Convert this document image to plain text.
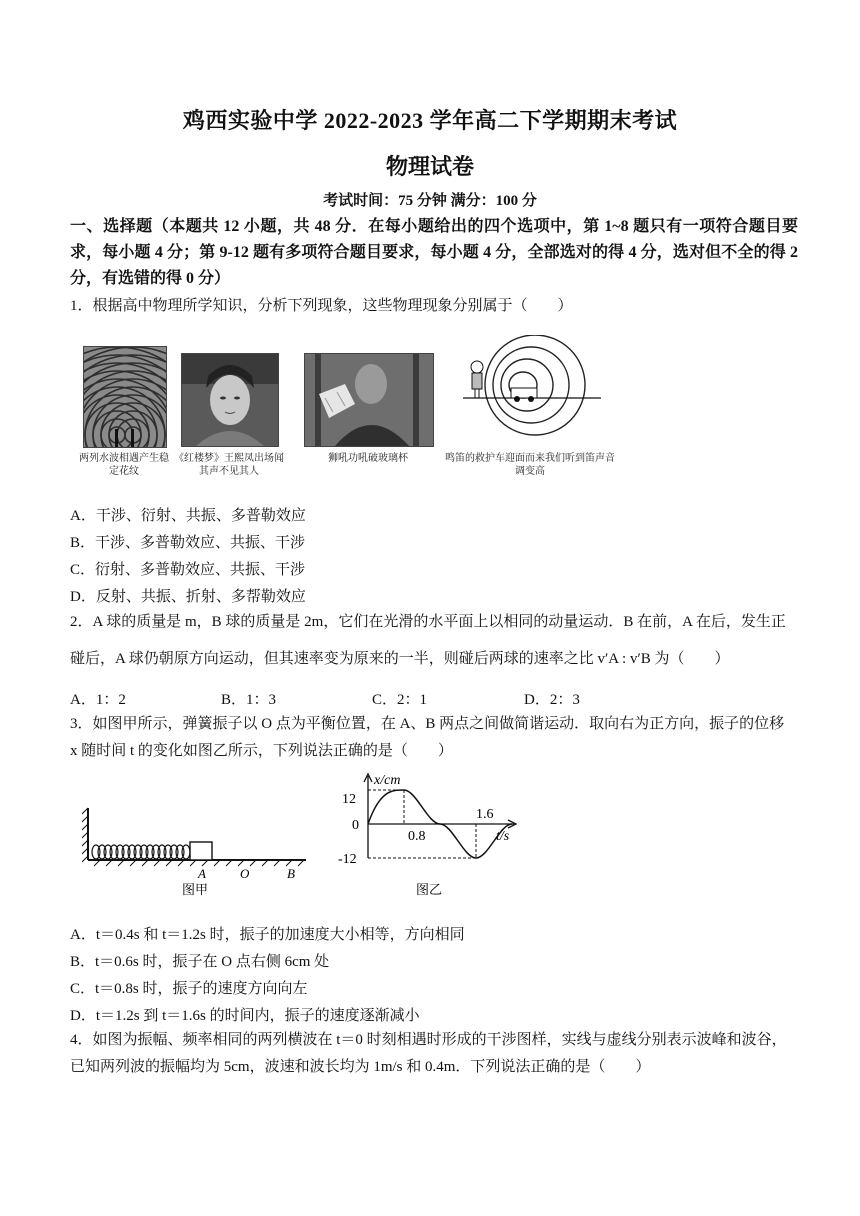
鸡西实验中学 2022-2023 学年高二下学期期末考试
物理试卷
考试时间：75 分钟 满分：100 分
一、选择题（本题共 12 小题，共 48 分．在每小题给出的四个选项中，第 1~8 题只有一项符合题目要求，每小题 4 分；第 9-12 题有多项符合题目要求，每小题 4 分，全部选对的得 4 分，选对但不全的得 2 分，有选错的得 0 分）
1．根据高中物理所学知识，分析下列现象，这些物理现象分别属于（　　）
两列水波相遇产生稳定花纹
《红楼梦》王熙凤出场闻其声不见其人
狮吼功吼破玻璃杯	鸣笛的救护车迎面而来我们听到笛声音调变高
A．干涉、衍射、共振、多普勒效应
B．干涉、多普勒效应、共振、干涉
C．衍射、多普勒效应、共振、干涉
D．反射、共振、折射、多帮勒效应
2．A 球的质量是 m，B 球的质量是 2m，它们在光滑的水平面上以相同的动量运动．B 在前，A 在后，发生正
碰后，A 球仍朝原方向运动，但其速率变为原来的一半，则碰后两球的速率之比 v′A : v′B 为（　　）
A．1：2	B．1：3	C．2：1	D．2：3
3．如图甲所示，弹簧振子以 O 点为平衡位置，在 A、B 两点之间做简谐运动．取向右为正方向，振子的位移
x 随时间 t 的变化如图乙所示，下列说法正确的是（　　）
A	O	B
图甲
x/cm
t/s
12
0
-12
0.8
1.6
图乙
A．t＝0.4s 和 t＝1.2s 时，振子的加速度大小相等，方向相同
B．t＝0.6s 时，振子在 O 点右侧 6cm 处
C．t＝0.8s 时，振子的速度方向向左
D．t＝1.2s 到 t＝1.6s 的时间内，振子的速度逐渐减小
4．如图为振幅、频率相同的两列横波在 t＝0 时刻相遇时形成的干涉图样，实线与虚线分别表示波峰和波谷，
已知两列波的振幅均为 5cm，波速和波长均为 1m/s 和 0.4m．下列说法正确的是（　　）
